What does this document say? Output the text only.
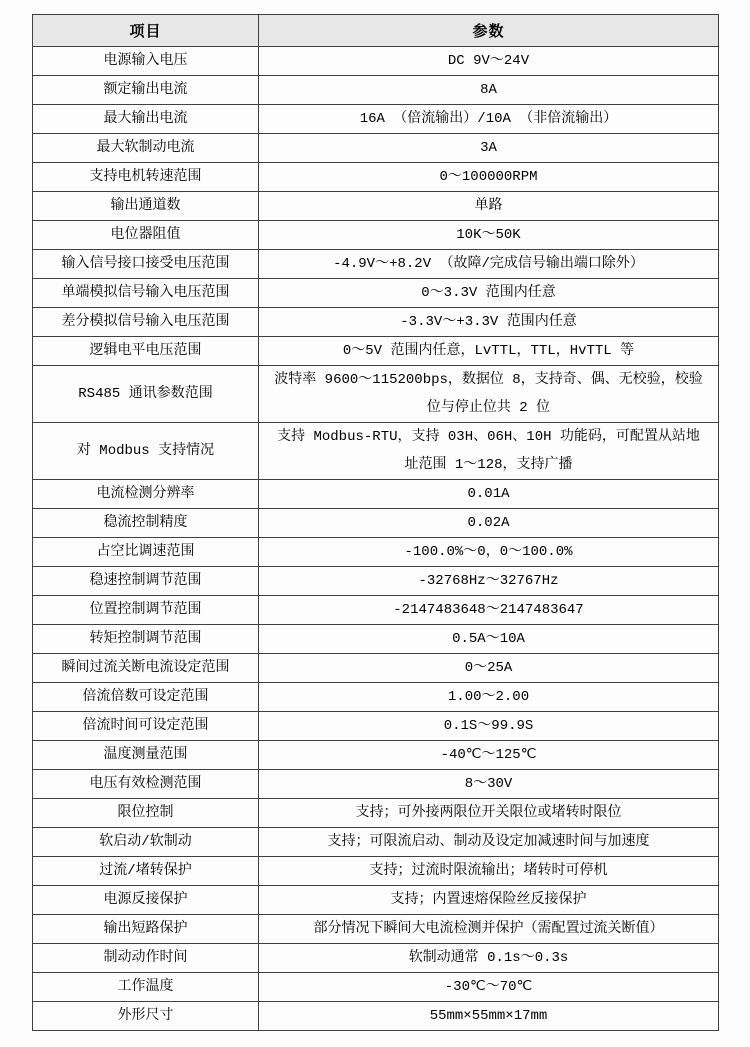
项目	参数
电源输入电压	DC 9V～24V
额定输出电流	8A
最大输出电流	16A （倍流输出）/10A （非倍流输出）
最大软制动电流	3A
支持电机转速范围	0～100000RPM
输出通道数	单路
电位器阻值	10K～50K
输入信号接口接受电压范围	-4.9V～+8.2V （故障/完成信号输出端口除外）
单端模拟信号输入电压范围	0～3.3V 范围内任意
差分模拟信号输入电压范围	-3.3V～+3.3V 范围内任意
逻辑电平电压范围	0～5V 范围内任意，LvTTL，TTL，HvTTL 等
RS485 通讯参数范围	波特率 9600～115200bps，数据位 8，支持奇、偶、无校验，校验位与停止位共 2 位
对 Modbus 支持情况	支持 Modbus-RTU，支持 03H、06H、10H 功能码，可配置从站地址范围 1～128，支持广播
电流检测分辨率	0.01A
稳流控制精度	0.02A
占空比调速范围	-100.0%～0，0～100.0%
稳速控制调节范围	-32768Hz～32767Hz
位置控制调节范围	-2147483648～2147483647
转矩控制调节范围	0.5A～10A
瞬间过流关断电流设定范围	0～25A
倍流倍数可设定范围	1.00～2.00
倍流时间可设定范围	0.1S～99.9S
温度测量范围	-40℃～125℃
电压有效检测范围	8～30V
限位控制	支持；可外接两限位开关限位或堵转时限位
软启动/软制动	支持；可限流启动、制动及设定加减速时间与加速度
过流/堵转保护	支持；过流时限流输出；堵转时可停机
电源反接保护	支持；内置速熔保险丝反接保护
输出短路保护	部分情况下瞬间大电流检测并保护（需配置过流关断值）
制动动作时间	软制动通常 0.1s～0.3s
工作温度	-30℃～70℃
外形尺寸	55mm×55mm×17mm
